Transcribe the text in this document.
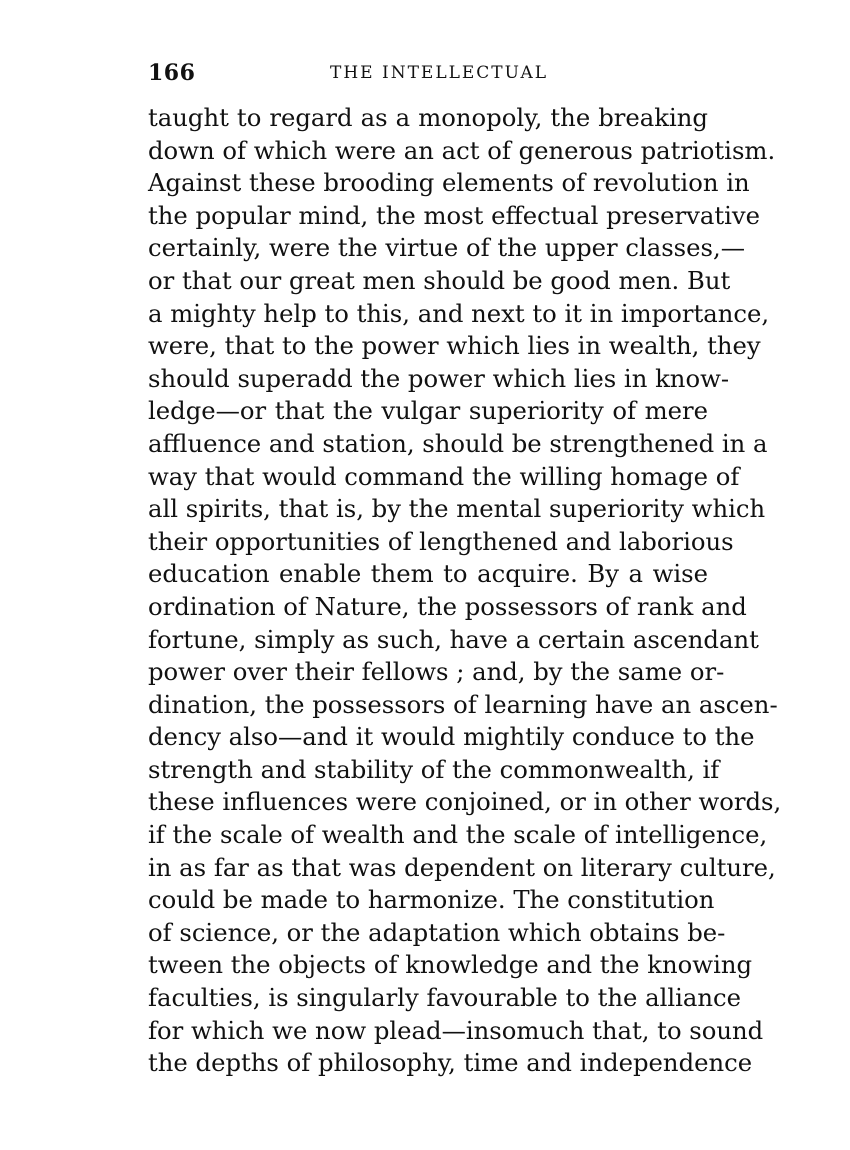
166	THE INTELLECTUAL
taught to regard as a monopoly, the breaking
down of which were an act of generous patriotism.
Against these brooding elements of revolution in
the popular mind, the most effectual preservative
certainly, were the virtue of the upper classes,—
or that our great men should be good men. But
a mighty help to this, and next to it in importance,
were, that to the power which lies in wealth, they
should superadd the power which lies in know-
ledge—or that the vulgar superiority of mere
affluence and station, should be strengthened in a
way that would command the willing homage of
all spirits, that is, by the mental superiority which
their opportunities of lengthened and laborious
education enable them to acquire. By a wise
ordination of Nature, the possessors of rank and
fortune, simply as such, have a certain ascendant
power over their fellows ; and, by the same or-
dination, the possessors of learning have an ascen-
dency also—and it would mightily conduce to the
strength and stability of the commonwealth, if
these influences were conjoined, or in other words,
if the scale of wealth and the scale of intelligence,
in as far as that was dependent on literary culture,
could be made to harmonize. The constitution
of science, or the adaptation which obtains be-
tween the objects of knowledge and the knowing
faculties, is singularly favourable to the alliance
for which we now plead—insomuch that, to sound
the depths of philosophy, time and independence
